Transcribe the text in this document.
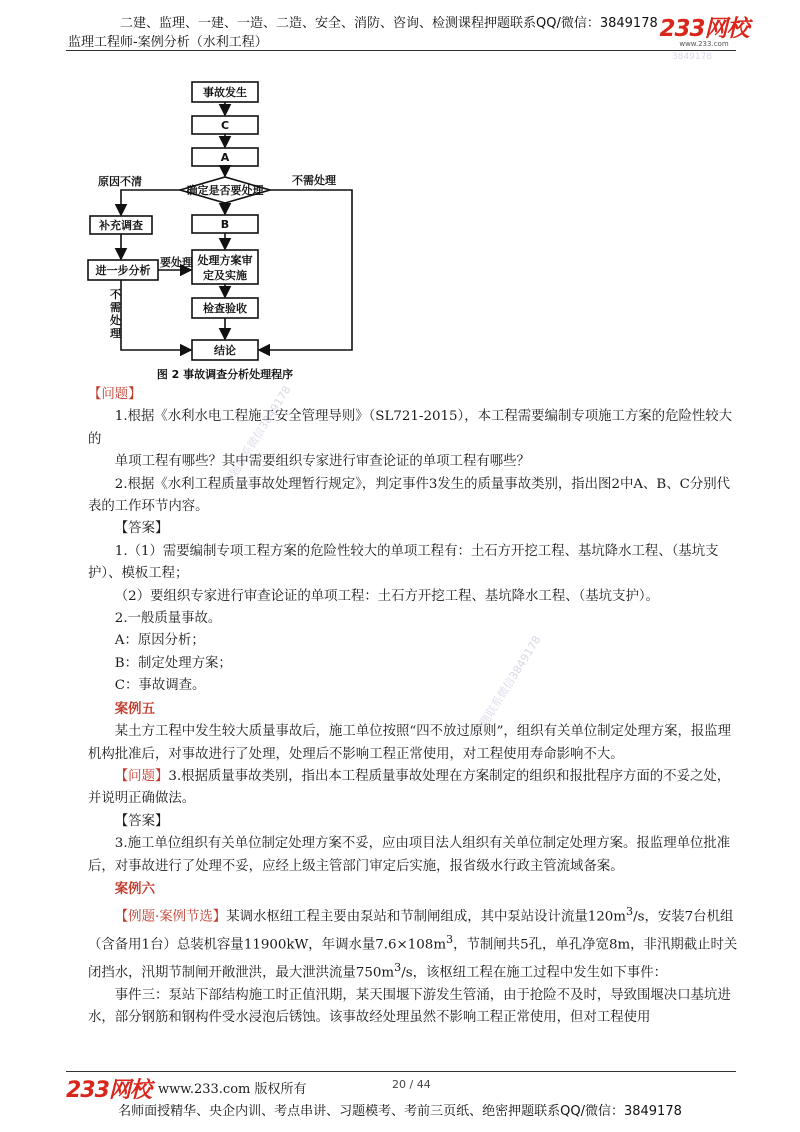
二建、监理、一建、一造、二造、安全、消防、咨询、检测课程押题联系QQ/微信：3849178
监理工程师-案例分析（水利工程）
233网校
www.233.com
事故发生
C
A
确定是否要处理
B
补充调查
进一步分析
处理方案审
定及实施
检查验收
结论
原因不清	不需处理
要处理
不需处理
图 2 事故调查分析处理程序
押题联系微信3849178
押题联系微信3849178
3849178

【问题】

1.根据《水利水电工程施工安全管理导则》（SL721-2015），本工程需要编制专项施工方案的危险性较大的

单项工程有哪些？其中需要组织专家进行审查论证的单项工程有哪些？

2.根据《水利工程质量事故处理暂行规定》，判定事件3发生的质量事故类别，指出图2中A、B、C分别代表的工作环节内容。

【答案】

1.（1）需要编制专项工程方案的危险性较大的单项工程有：土石方开挖工程、基坑降水工程、（基坑支护）、模板工程；

（2）要组织专家进行审查论证的单项工程：土石方开挖工程、基坑降水工程、（基坑支护）。

2.一般质量事故。

A：原因分析；

B：制定处理方案；

C：事故调查。

案例五

某土方工程中发生较大质量事故后，施工单位按照“四不放过原则”，组织有关单位制定处理方案，报监理机构批准后，对事故进行了处理，处理后不影响工程正常使用，对工程使用寿命影响不大。

【问题】3.根据质量事故类别，指出本工程质量事故处理在方案制定的组织和报批程序方面的不妥之处，并说明正确做法。

【答案】

3.施工单位组织有关单位制定处理方案不妥，应由项目法人组织有关单位制定处理方案。报监理单位批准后，对事故进行了处理不妥，应经上级主管部门审定后实施，报省级水行政主管流域备案。

案例六

【例题·案例节选】某调水枢纽工程主要由泵站和节制闸组成，其中泵站设计流量$120m^3/s$，安装7台机组（含备用1台）总装机容量11900kW，年调水量$7.6\times 108m^3$，节制闸共5孔，单孔净宽8m，非汛期截止时关闭挡水，汛期节制闸开敞泄洪，最大泄洪流量$750m^3/s$，该枢纽工程在施工过程中发生如下事件：

事件三：泵站下部结构施工时正值汛期，某天围堰下游发生管涌，由于抢险不及时，导致围堰决口基坑进水，部分钢筋和钢构件受水浸泡后锈蚀。该事故经处理虽然不影响工程正常使用，但对工程使用

233网校 www.233.com 版权所有	20 / 44
名师面授精华、央企内训、考点串讲、习题模考、考前三页纸、绝密押题联系QQ/微信：3849178
